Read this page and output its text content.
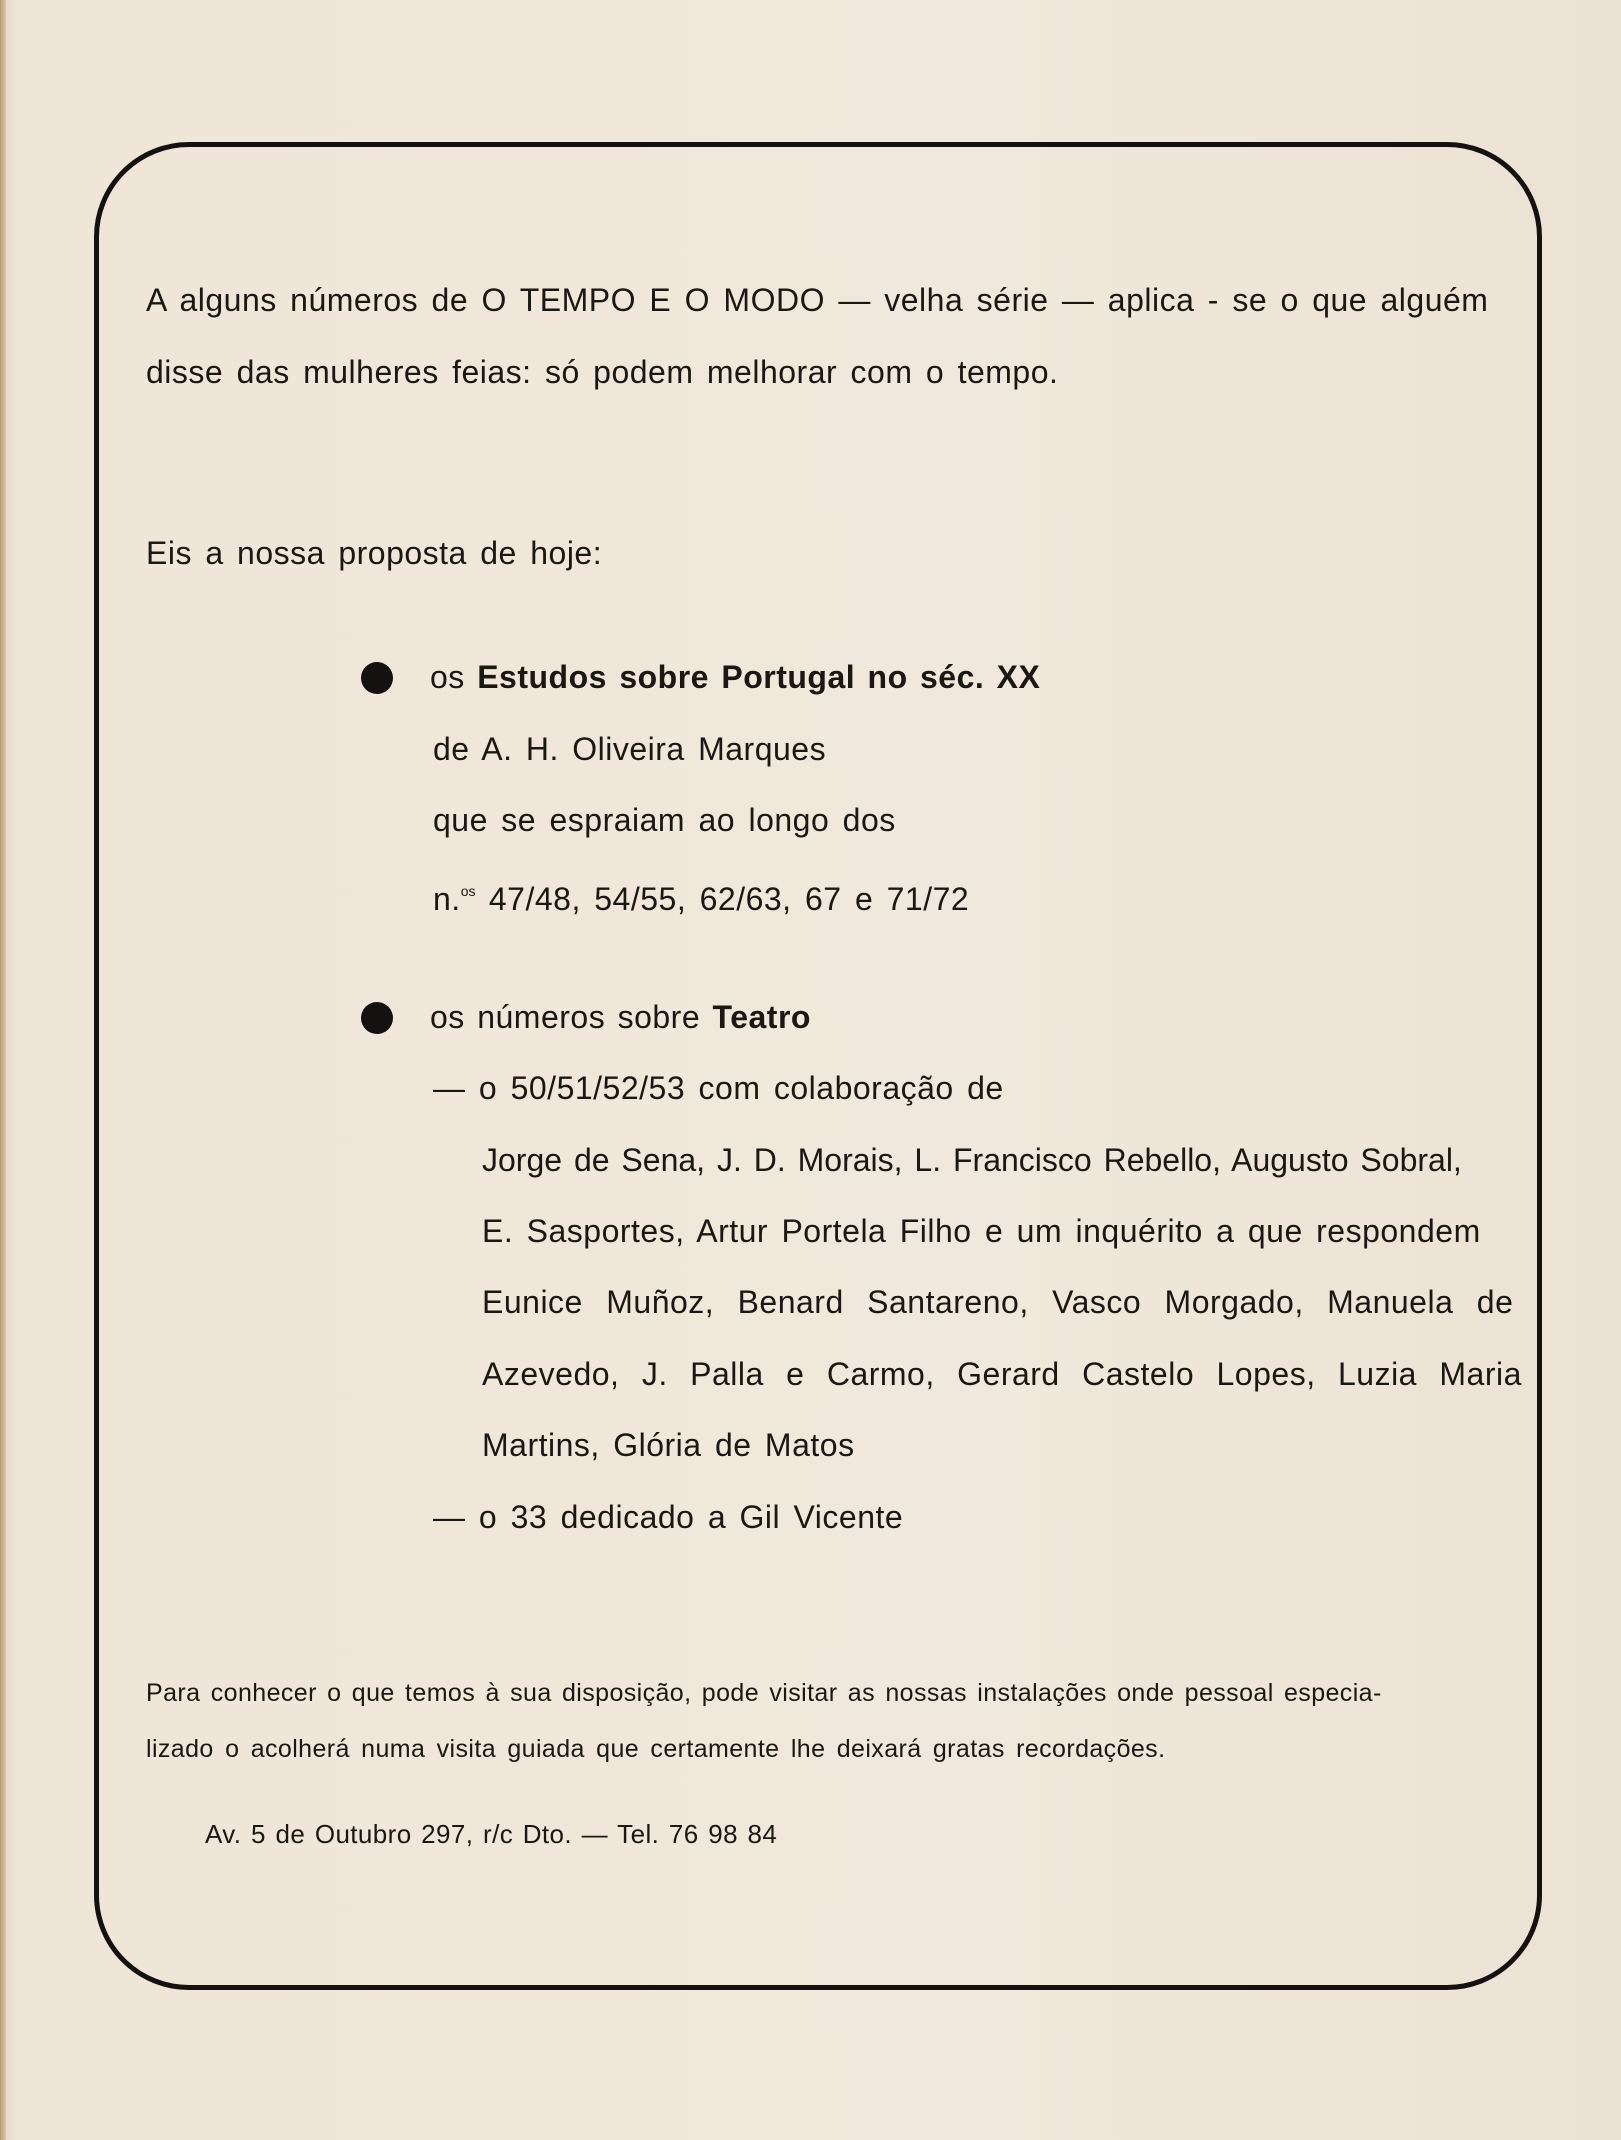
A alguns números de O TEMPO E O MODO — velha série — aplica - se o que alguém
disse das mulheres feias: só podem melhorar com o tempo.
Eis a nossa proposta de hoje:
os Estudos sobre Portugal no séc. XX
de A. H. Oliveira Marques
que se espraiam ao longo dos
n.$^{os}$ 47/48, 54/55, 62/63, 67 e 71/72
os números sobre Teatro
— o 50/51/52/53 com colaboração de
Jorge de Sena, J. D. Morais, L. Francisco Rebello, Augusto Sobral,
E. Sasportes, Artur Portela Filho e um inquérito a que respondem
Eunice Muñoz, Benard Santareno, Vasco Morgado, Manuela de
Azevedo, J. Palla e Carmo, Gerard Castelo Lopes, Luzia Maria
Martins, Glória de Matos
— o 33 dedicado a Gil Vicente
Para conhecer o que temos à sua disposição, pode visitar as nossas instalações onde pessoal especia-
lizado o acolherá numa visita guiada que certamente lhe deixará gratas recordações.
Av. 5 de Outubro 297, r/c Dto. — Tel. 76 98 84
